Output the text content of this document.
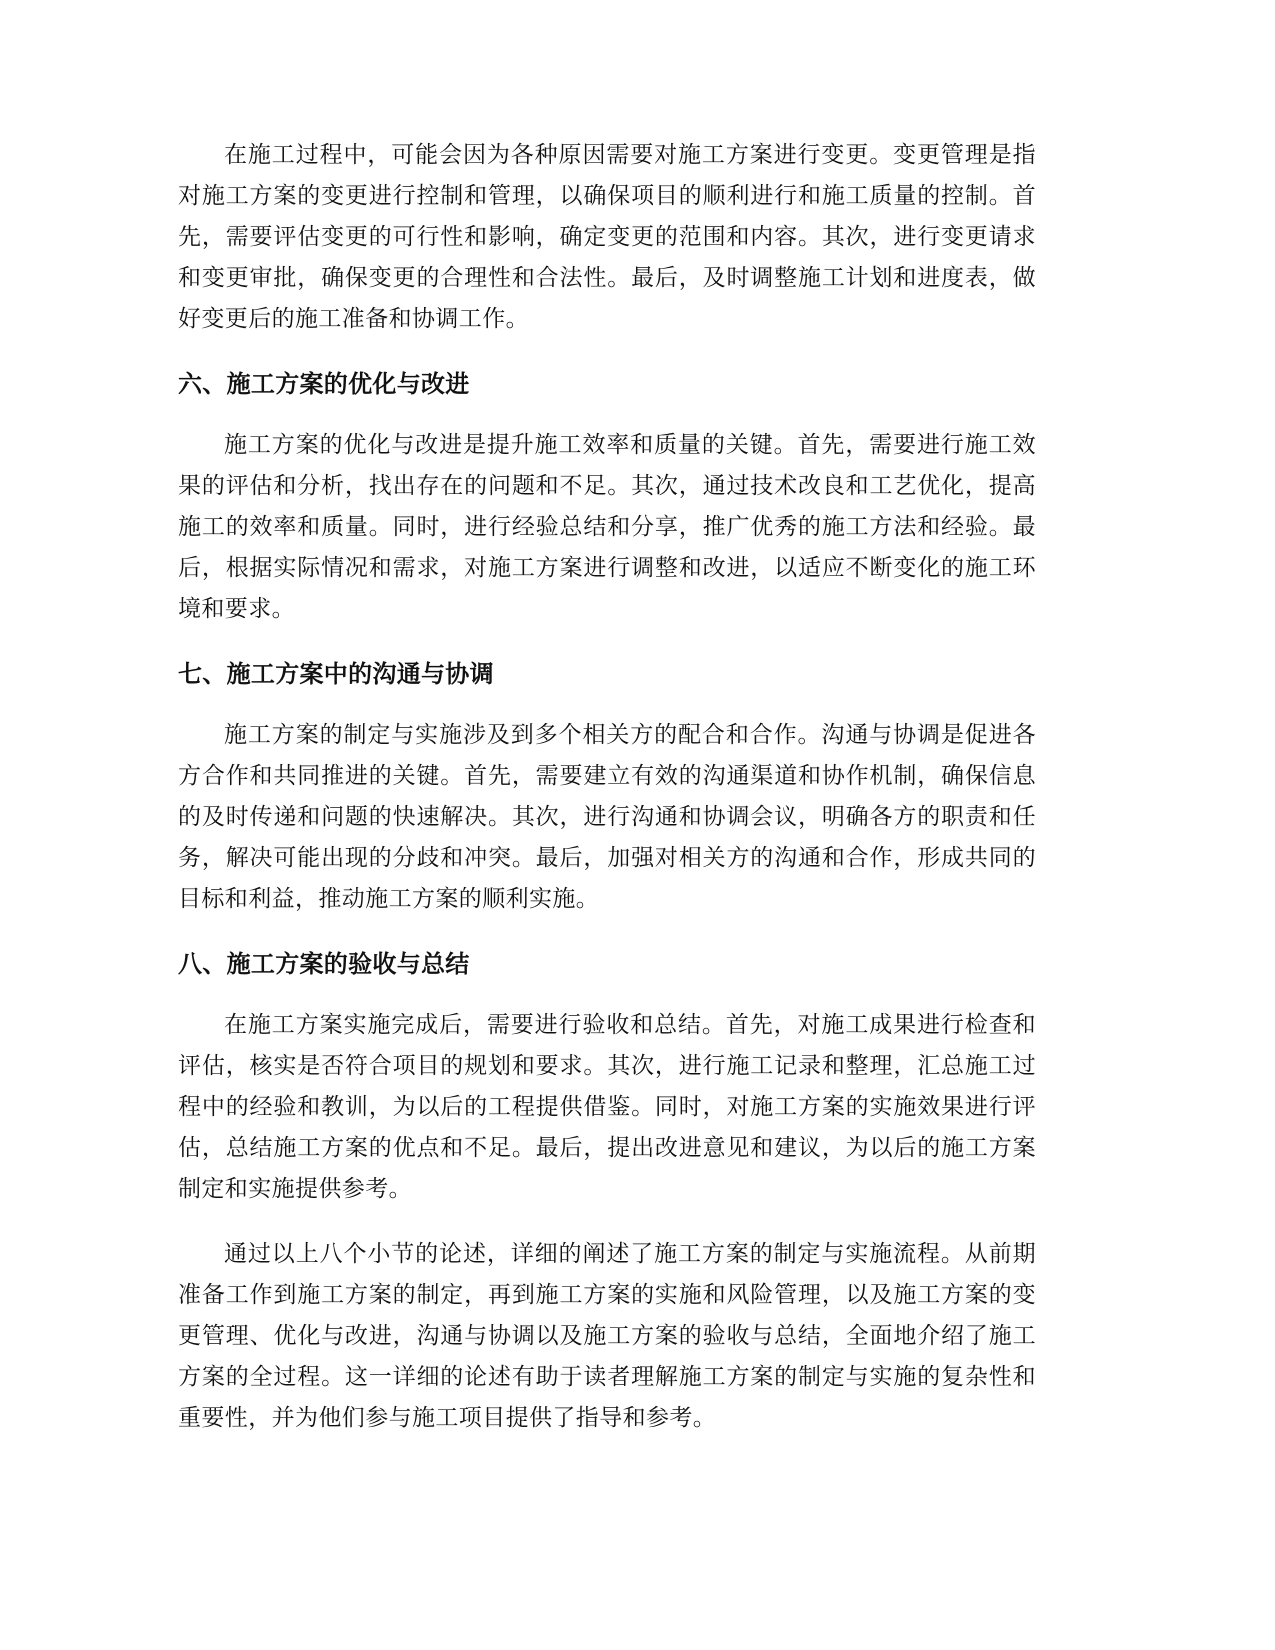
在施工过程中，可能会因为各种原因需要对施工方案进行变更。变更管理是指对施工方案的变更进行控制和管理，以确保项目的顺利进行和施工质量的控制。首先，需要评估变更的可行性和影响，确定变更的范围和内容。其次，进行变更请求和变更审批，确保变更的合理性和合法性。最后，及时调整施工计划和进度表，做好变更后的施工准备和协调工作。

六、施工方案的优化与改进

施工方案的优化与改进是提升施工效率和质量的关键。首先，需要进行施工效果的评估和分析，找出存在的问题和不足。其次，通过技术改良和工艺优化，提高施工的效率和质量。同时，进行经验总结和分享，推广优秀的施工方法和经验。最后，根据实际情况和需求，对施工方案进行调整和改进，以适应不断变化的施工环境和要求。

七、施工方案中的沟通与协调

施工方案的制定与实施涉及到多个相关方的配合和合作。沟通与协调是促进各方合作和共同推进的关键。首先，需要建立有效的沟通渠道和协作机制，确保信息的及时传递和问题的快速解决。其次，进行沟通和协调会议，明确各方的职责和任务，解决可能出现的分歧和冲突。最后，加强对相关方的沟通和合作，形成共同的目标和利益，推动施工方案的顺利实施。

八、施工方案的验收与总结

在施工方案实施完成后，需要进行验收和总结。首先，对施工成果进行检查和评估，核实是否符合项目的规划和要求。其次，进行施工记录和整理，汇总施工过程中的经验和教训，为以后的工程提供借鉴。同时，对施工方案的实施效果进行评估，总结施工方案的优点和不足。最后，提出改进意见和建议，为以后的施工方案制定和实施提供参考。

通过以上八个小节的论述，详细的阐述了施工方案的制定与实施流程。从前期准备工作到施工方案的制定，再到施工方案的实施和风险管理，以及施工方案的变更管理、优化与改进，沟通与协调以及施工方案的验收与总结，全面地介绍了施工方案的全过程。这一详细的论述有助于读者理解施工方案的制定与实施的复杂性和重要性，并为他们参与施工项目提供了指导和参考。
